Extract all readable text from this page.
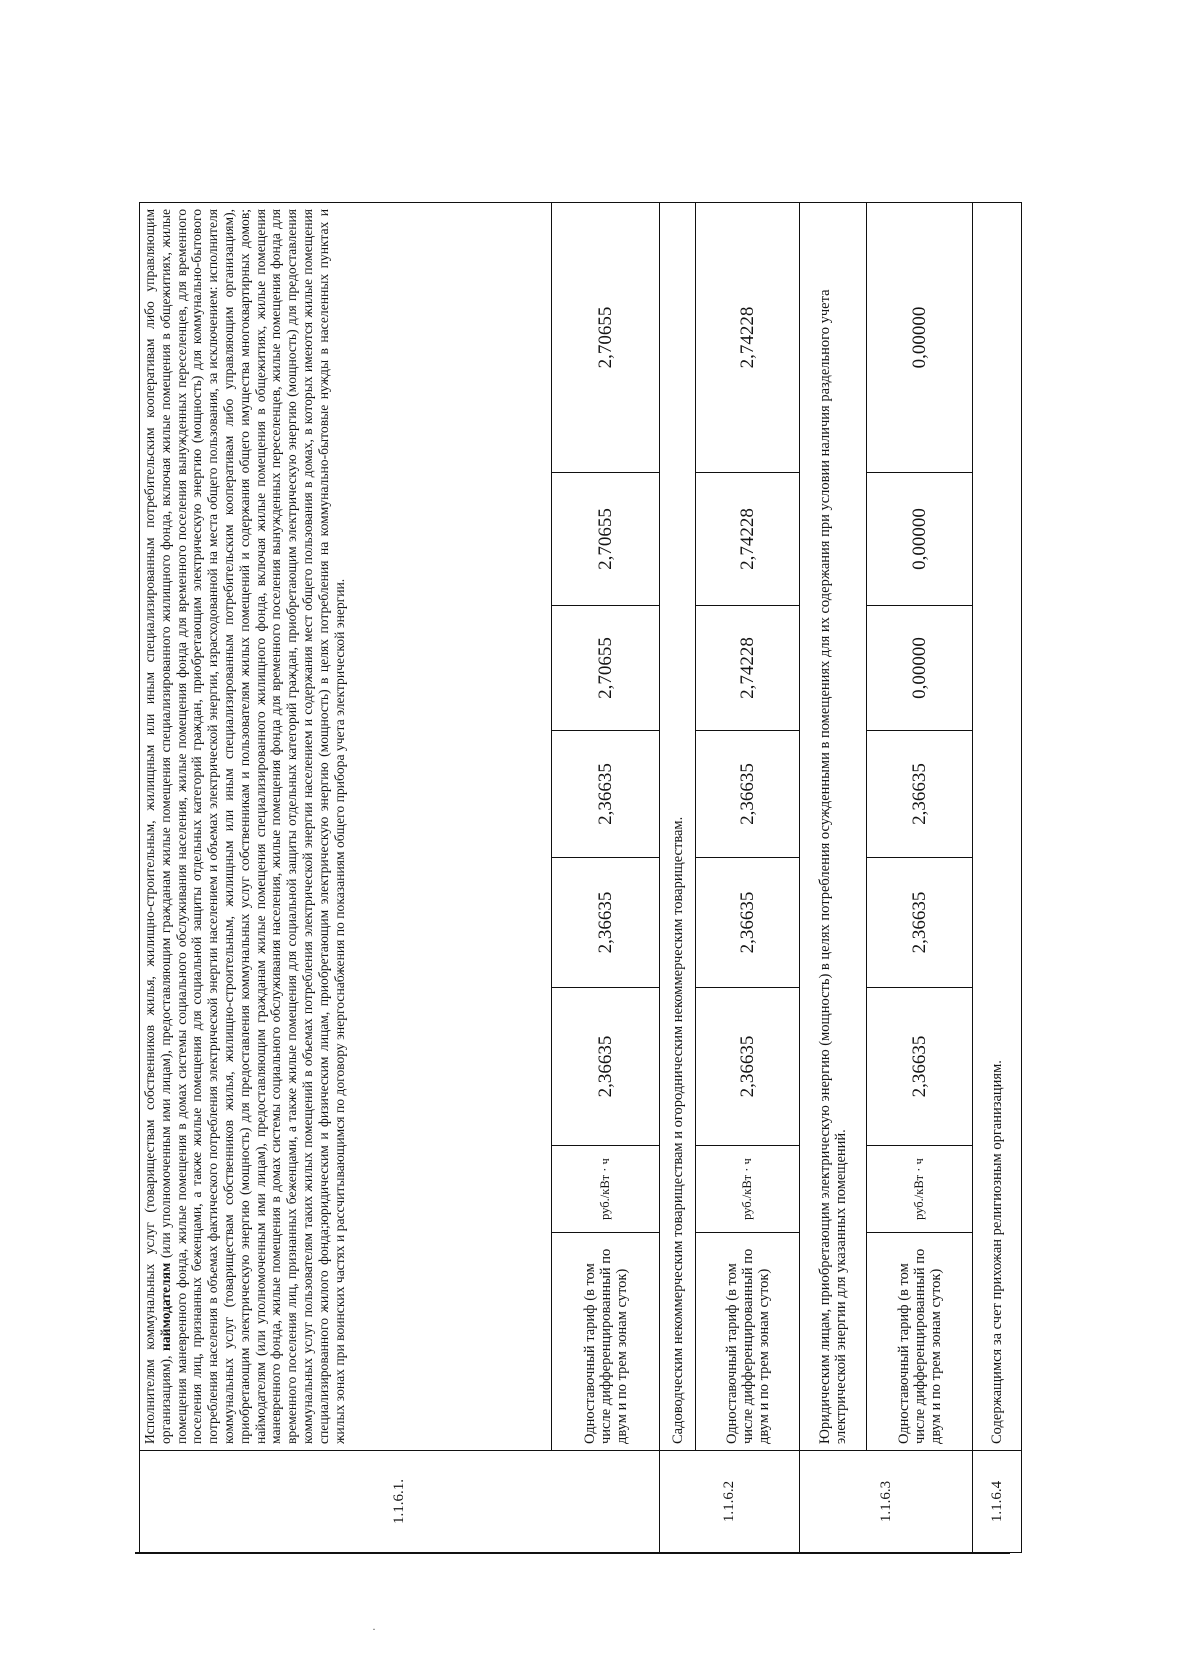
·
1.1.6.1.	Исполнителям коммунальных услуг (товариществам собственников жилья, жилищно-строительным, жилищным или иным специализированным потребительским кооперативам либо управляющим организациям), наймодателям (или уполномоченным ими лицам), предоставляющим гражданам жилые помещения специализированного жилищного фонда, включая жилые помещения в общежитиях, жилые помещения маневренного фонда, жилые помещения в домах системы социального обслуживания населения, жилые помещения фонда для временного поселения вынужденных переселенцев, для временного поселения лиц, признанных беженцами, а также жилые помещения для социальной защиты отдельных категорий граждан, приобретающим электрическую энергию (мощность) для коммунально-бытового потребления населения в объемах фактического потребления электрической энергии населением и объемах электрической энергии, израсходованной на места общего пользования, за исключением: исполнителя коммунальных услуг (товариществам собственников жилья, жилищно-строительным, жилищным или иным специализированным потребительским кооперативам либо управляющим организациям), приобретающим электрическую энергию (мощность) для предоставления коммунальных услуг собственникам и пользователям жилых помещений и содержания общего имущества многоквартирных домов; наймодателям (или уполномоченным ими лицам), предоставляющим гражданам жилые помещения специализированного жилищного фонда, включая жилые помещения в общежитиях, жилые помещения маневренного фонда, жилые помещения в домах системы социального обслуживания населения, жилые помещения фонда для временного поселения вынужденных переселенцев, жилые помещения фонда для временного поселения лиц, признанных беженцами, а также жилые помещения для социальной защиты отдельных категорий граждан, приобретающим электрическую энергию (мощность) для предоставления коммунальных услуг пользователям таких жилых помещений в объемах потребления электрической энергии населением и содержания мест общего пользования в домах, в которых имеются жилые помещения специализированного жилого фонда;юридическим и физическим лицам, приобретающим электрическую энергию (мощность) в целях потребления на коммунально-бытовые нужды в населенных пунктах и жилых зонах при воинских частях и рассчитывающимся по договору энергоснабжения по показаниям общего прибора учета электрической энергии.							
	Одноставочный тариф (в том числе дифференцированный по двум и по трем зонам суток)	руб./кВт · ч	2,36635	2,36635	2,36635	2,70655	2,70655	2,70655
1.1.6.2	Садоводческим некоммерческим товариществам и огородническим некоммерческим товариществам.							
	Одноставочный тариф (в том числе дифференцированный по двум и по трем зонам суток)	руб./кВт · ч	2,36635	2,36635	2,36635	2,74228	2,74228	2,74228
1.1.6.3	Юридическим лицам, приобретающим электрическую энергию (мощность) в целях потребления осужденными в помещениях для их содержания при условии наличия раздельного учета электрической энергии для указанных помещений.							
	Одноставочный тариф (в том числе дифференцированный по двум и по трем зонам суток)	руб./кВт · ч	2,36635	2,36635	2,36635	0,00000	0,00000	0,00000
1.1.6.4	Содержащимся за счет прихожан религиозным организациям.							
